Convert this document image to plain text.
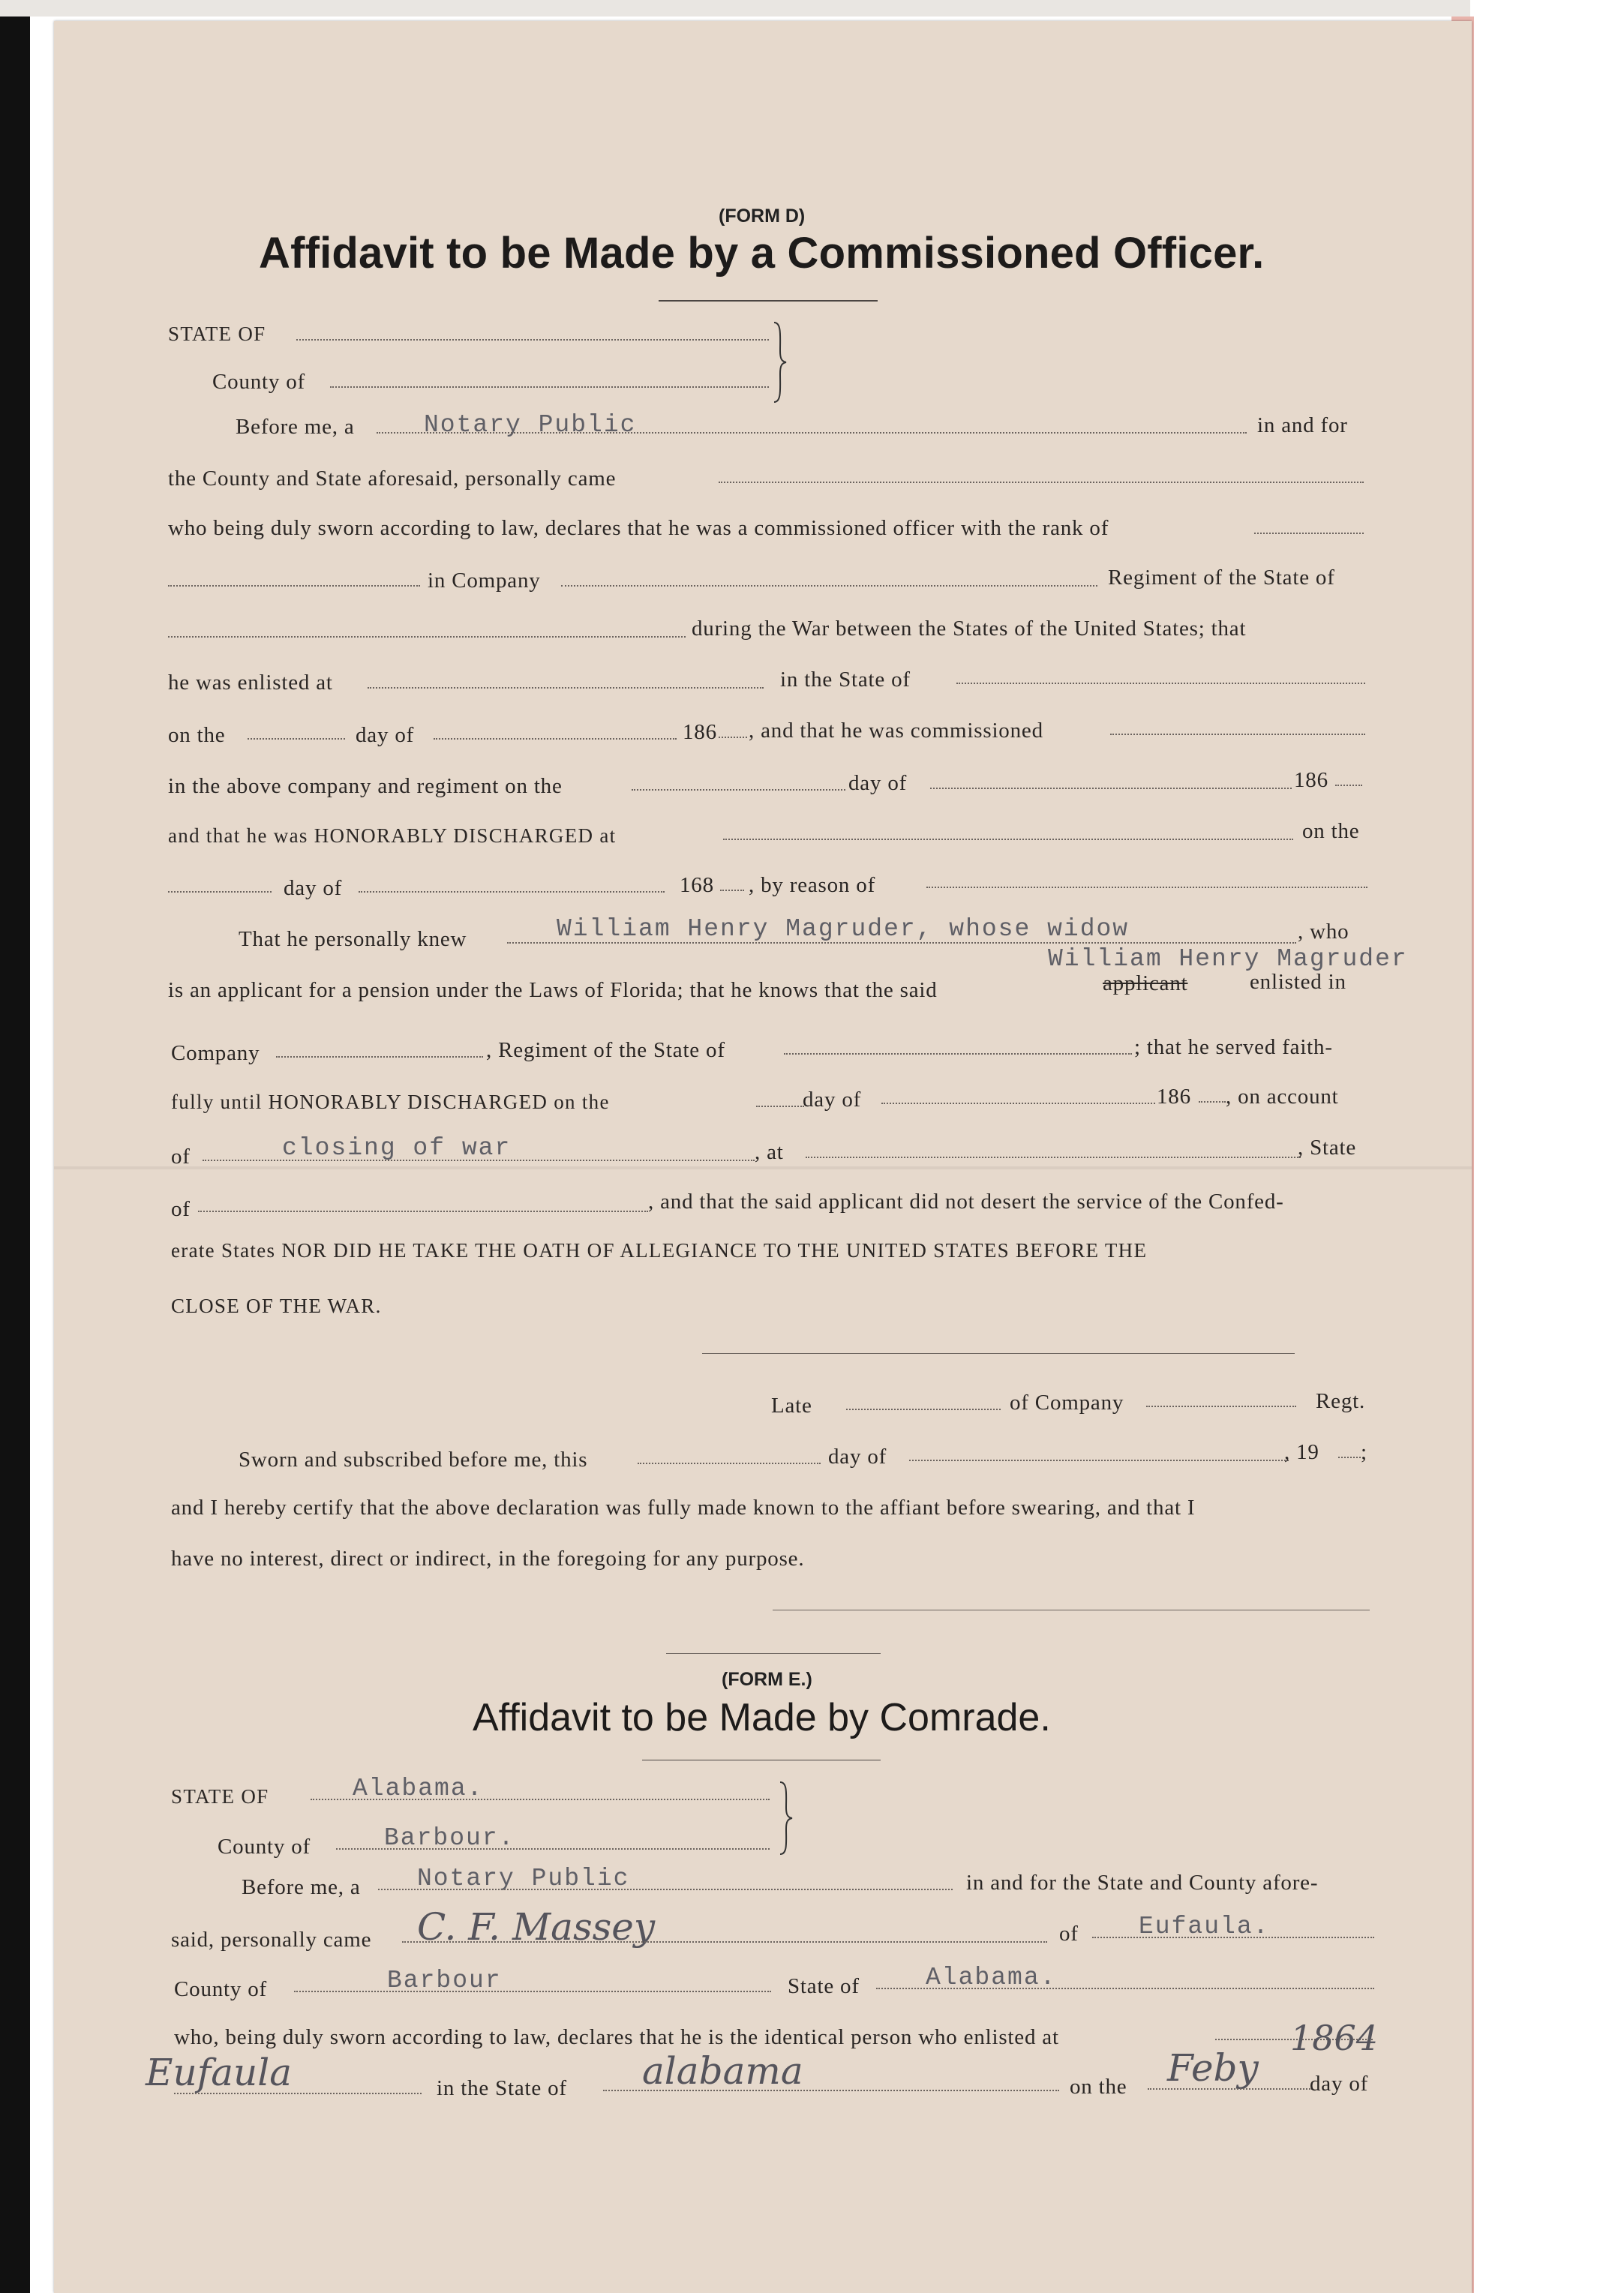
(FORM D)
Affidavit to be Made by a Commissioned Officer.
STATE OF
County of
Before me, a	Notary Public	in and for
the County and State aforesaid, personally came
who being duly sworn according to law, declares that he was a commissioned officer with the rank of
in Company	Regiment of the State of
during the War between the States of the United States; that
he was enlisted at	in the State of
on the	day of	186 , and that he was commissioned
in the above company and regiment on the	day of	186
and that he was HONORABLY DISCHARGED at	on the
day of	168 , by reason of
That he personally knew	William Henry Magruder, whose widow	, who
William Henry Magruder
is an applicant for a pension under the Laws of Florida; that he knows that the said	applicant	enlisted in
Company	, Regiment of the State of	; that he served faith-
fully until HONORABLY DISCHARGED on the	day of	186 , on account
of	closing of war	, at	, State
of	, and that the said applicant did not desert the service of the Confed-
erate States NOR DID HE TAKE THE OATH OF ALLEGIANCE TO THE UNITED STATES BEFORE THE
CLOSE OF THE WAR.
Late	of Company	Regt.
Sworn and subscribed before me, this	day of	, 19 ;
and I hereby certify that the above declaration was fully made known to the affiant before swearing, and that I
have no interest, direct or indirect, in the foregoing for any purpose.
(FORM E.)
Affidavit to be Made by Comrade.
STATE OF	Alabama.
County of	Barbour.
Before me, a Notary Public	in and for the State and County afore-
said, personally came C. F. Massey	of Eufaula.
County of	Barbour	State of	Alabama.
who, being duly sworn according to law, declares that he is the identical person who enlisted at
Eufaula	in the State of alabama	on the Feby day of
1864
